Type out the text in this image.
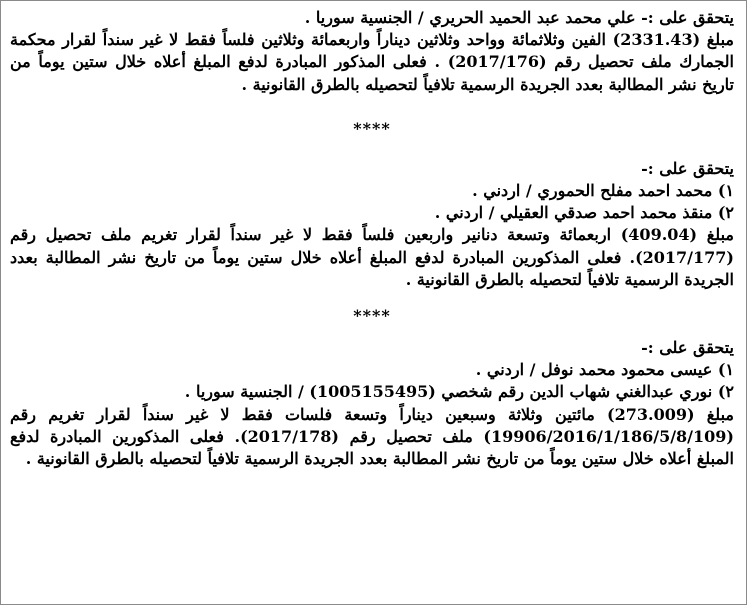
يتحقق على :- علي محمد عبد الحميد الحريري / الجنسية سوريا .

مبلغ (2331.43) الفين وثلاثمائة وواحد وثلاثين ديناراً واربعمائة وثلاثين فلساً فقط لا غير سنداً لقرار محكمة الجمارك ملف تحصيل رقم (2017/176) . فعلى المذكور المبادرة لدفع المبلغ أعلاه خلال ستين يوماً من تاريخ نشر المطالبة بعدد الجريدة الرسمية تلافياً لتحصيله بالطرق القانونية .

****

يتحقق على :-

١) محمد احمد مفلح الحموري / اردني .

٢) منقذ محمد احمد صدقي العقيلي / اردني .

مبلغ (409.04) اربعمائة وتسعة دنانير واربعين فلساً فقط لا غير سنداً لقرار تغريم ملف تحصيل رقم (2017/177). فعلى المذكورين المبادرة لدفع المبلغ أعلاه خلال ستين يوماً من تاريخ نشر المطالبة بعدد الجريدة الرسمية تلافياً لتحصيله بالطرق القانونية .

****

يتحقق على :-

١) عيسى محمود محمد نوفل / اردني .

٢) نوري عبدالغني شهاب الدين رقم شخصي (1005155495) / الجنسية سوريا .

مبلغ (273.009) مائتين وثلاثة وسبعين ديناراً وتسعة فلسات فقط لا غير سنداً لقرار تغريم رقم (19906/2016/1/186/5/8/109) ملف تحصيل رقم (2017/178). فعلى المذكورين المبادرة لدفع المبلغ أعلاه خلال ستين يوماً من تاريخ نشر المطالبة بعدد الجريدة الرسمية تلافياً لتحصيله بالطرق القانونية .
